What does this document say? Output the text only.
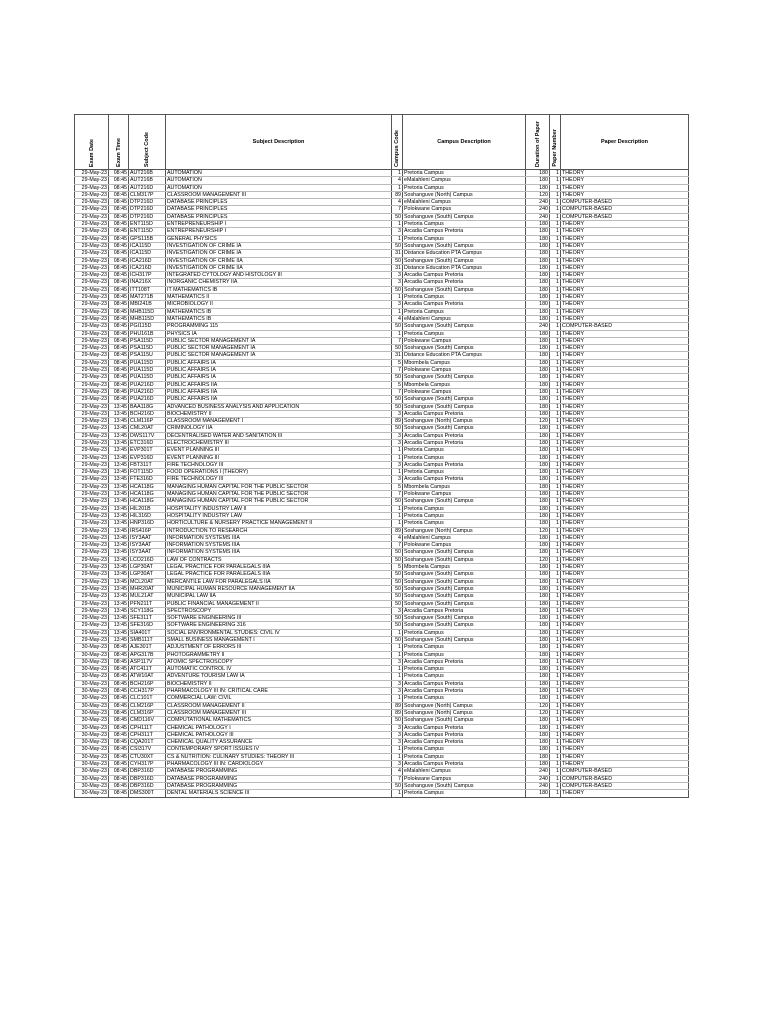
Exam Date	Exam Time	Subject Code	Subject Description	Campus Code	Campus Description	Duration of Paper	Paper Number	Paper Description
29-May-23	08:45	AUT216B	AUTOMATION	1	Pretoria Campus	180	1	THEORY
29-May-23	08:45	AUT216B	AUTOMATION	4	eMalahleni Campus	180	1	THEORY
29-May-23	08:45	AUT216D	AUTOMATION	1	Pretoria Campus	180	1	THEORY
29-May-23	08:45	CLM317P	CLASSROOM MANAGEMENT III	89	Soshanguve (North) Campus	120	1	THEORY
29-May-23	08:45	DTP216D	DATABASE PRINCIPLES	4	eMalahleni Campus	240	1	COMPUTER-BASED
29-May-23	08:45	DTP216D	DATABASE PRINCIPLES	7	Polokwane Campus	240	1	COMPUTER-BASED
29-May-23	08:45	DTP216D	DATABASE PRINCIPLES	50	Soshanguve (South) Campus	240	1	COMPUTER-BASED
29-May-23	08:45	ENT115D	ENTREPRENEURSHIP I	1	Pretoria Campus	180	1	THEORY
29-May-23	08:45	ENT115D	ENTREPRENEURSHIP I	3	Arcadia Campus Pretoria	180	1	THEORY
29-May-23	08:45	GPS115B	GENERAL PHYSICS	1	Pretoria Campus	180	1	THEORY
29-May-23	08:45	ICA115D	INVESTIGATION OF CRIME IA	50	Soshanguve (South) Campus	180	1	THEORY
29-May-23	08:45	ICA115D	INVESTIGATION OF CRIME IA	31	Distance Education PTA Campus	180	1	THEORY
29-May-23	08:45	ICA216D	INVESTIGATION OF CRIME IIA	50	Soshanguve (South) Campus	180	1	THEORY
29-May-23	08:45	ICA216D	INVESTIGATION OF CRIME IIA	31	Distance Education PTA Campus	180	1	THEORY
29-May-23	08:45	ICH317P	INTEGRATED CYTOLOGY AND HISTOLOGY III	3	Arcadia Campus Pretoria	180	1	THEORY
29-May-23	08:45	INA216X	INORGANIC CHEMISTRY IIA	3	Arcadia Campus Pretoria	180	1	THEORY
29-May-23	08:45	ITT108T	IT MATHEMATICS IB	50	Soshanguve (South) Campus	180	1	THEORY
29-May-23	08:45	MAT271B	MATHEMATICS II	1	Pretoria Campus	180	1	THEORY
29-May-23	08:45	MBI241B	MICROBIOLOGY II	3	Arcadia Campus Pretoria	180	1	THEORY
29-May-23	08:45	MHB115D	MATHEMATICS IB	1	Pretoria Campus	180	1	THEORY
29-May-23	08:45	MHB115D	MATHEMATICS IB	4	eMalahleni Campus	180	1	THEORY
29-May-23	08:45	PGI115D	PROGRAMMING 115	50	Soshanguve (South) Campus	240	1	COMPUTER-BASED
29-May-23	08:45	PHU161B	PHYSICS IA	1	Pretoria Campus	180	1	THEORY
29-May-23	08:45	PSA115D	PUBLIC SECTOR MANAGEMENT IA	7	Polokwane Campus	180	1	THEORY
29-May-23	08:45	PSA115D	PUBLIC SECTOR MANAGEMENT IA	50	Soshanguve (South) Campus	180	1	THEORY
29-May-23	08:45	PSA115U	PUBLIC SECTOR MANAGEMENT IA	31	Distance Education PTA Campus	180	1	THEORY
29-May-23	08:45	PUA115D	PUBLIC AFFAIRS IA	5	Mbombela Campus	180	1	THEORY
29-May-23	08:45	PUA115D	PUBLIC AFFAIRS IA	7	Polokwane Campus	180	1	THEORY
29-May-23	08:45	PUA115D	PUBLIC AFFAIRS IA	50	Soshanguve (South) Campus	180	1	THEORY
29-May-23	08:45	PUA216D	PUBLIC AFFAIRS IIA	5	Mbombela Campus	180	1	THEORY
29-May-23	08:45	PUA216D	PUBLIC AFFAIRS IIA	7	Polokwane Campus	180	1	THEORY
29-May-23	08:45	PUA216D	PUBLIC AFFAIRS IIA	50	Soshanguve (South) Campus	180	1	THEORY
29-May-23	13:45	BAA118G	ADVANCED BUSINESS ANALYSIS AND APPLICATION	50	Soshanguve (South) Campus	180	1	THEORY
29-May-23	13:45	BCH216D	BIOCHEMISTRY II	3	Arcadia Campus Pretoria	180	1	THEORY
29-May-23	13:45	CLM116P	CLASSROOM MANAGEMENT I	89	Soshanguve (North) Campus	120	1	THEORY
29-May-23	13:45	CML20AT	CRIMINOLOGY IIA	50	Soshanguve (South) Campus	180	1	THEORY
29-May-23	13:45	DWS117V	DECENTRALISED WATER AND SANITATION III	3	Arcadia Campus Pretoria	180	1	THEORY
29-May-23	13:45	ETC316D	ELECTROCHEMISTRY III	3	Arcadia Campus Pretoria	180	1	THEORY
29-May-23	13:45	EVP301T	EVENT PLANNING III	1	Pretoria Campus	180	1	THEORY
29-May-23	13:45	EVP316D	EVENT PLANNING III	1	Pretoria Campus	180	1	THEORY
29-May-23	13:45	FBT311T	FIRE TECHNOLOGY III	3	Arcadia Campus Pretoria	180	1	THEORY
29-May-23	13:45	FOT115D	FOOD OPERATIONS I (THEORY)	1	Pretoria Campus	180	1	THEORY
29-May-23	13:45	FTE316D	FIRE TECHNOLOGY III	3	Arcadia Campus Pretoria	180	1	THEORY
29-May-23	13:45	HCA118G	MANAGING HUMAN CAPITAL FOR THE PUBLIC SECTOR	5	Mbombela Campus	180	1	THEORY
29-May-23	13:45	HCA118G	MANAGING HUMAN CAPITAL FOR THE PUBLIC SECTOR	7	Polokwane Campus	180	1	THEORY
29-May-23	13:45	HCA118G	MANAGING HUMAN CAPITAL FOR THE PUBLIC SECTOR	50	Soshanguve (South) Campus	180	1	THEORY
29-May-23	13:45	HIL201B	HOSPITALITY INDUSTRY LAW II	1	Pretoria Campus	180	1	THEORY
29-May-23	13:45	HIL316D	HOSPITALITY INDUSTRY LAW	1	Pretoria Campus	180	1	THEORY
29-May-23	13:45	HNP316D	HORTICULTURE & NURSERY PRACTICE MANAGEMENT II	1	Pretoria Campus	180	1	THEORY
29-May-23	13:45	IRS416P	INTRODUCTION TO RESEARCH	89	Soshanguve (North) Campus	120	1	THEORY
29-May-23	13:45	ISY3AAT	INFORMATION SYSTEMS IIIA	4	eMalahleni Campus	180	1	THEORY
29-May-23	13:45	ISY3AAT	INFORMATION SYSTEMS IIIA	7	Polokwane Campus	180	1	THEORY
29-May-23	13:45	ISY3AAT	INFORMATION SYSTEMS IIIA	50	Soshanguve (South) Campus	180	1	THEORY
29-May-23	13:45	LCO216D	LAW OF CONTRACTS	50	Soshanguve (South) Campus	120	1	THEORY
29-May-23	13:45	LGP30AT	LEGAL PRACTICE FOR PARALEGALS IIIA	5	Mbombela Campus	180	1	THEORY
29-May-23	13:45	LGP30AT	LEGAL PRACTICE FOR PARALEGALS IIIA	50	Soshanguve (South) Campus	180	1	THEORY
29-May-23	13:45	MCL20AT	MERCANTILE LAW FOR PARALEGALS IIA	50	Soshanguve (South) Campus	180	1	THEORY
29-May-23	13:45	MHR20AT	MUNICIPAL HUMAN RESOURCE MANAGEMENT IIA	50	Soshanguve (South) Campus	180	1	THEORY
29-May-23	13:45	MUL21AT	MUNICIPAL LAW IIA	50	Soshanguve (South) Campus	180	1	THEORY
29-May-23	13:45	PFN211T	PUBLIC FINANCIAL MANAGEMENT II	50	Soshanguve (South) Campus	180	1	THEORY
29-May-23	13:45	SCY118G	SPECTROSCOPY	3	Arcadia Campus Pretoria	180	1	THEORY
29-May-23	13:45	SFE311T	SOFTWARE ENGINEERING III	50	Soshanguve (South) Campus	180	1	THEORY
29-May-23	13:45	SFE316D	SOFTWARE ENGINEERING 316	50	Soshanguve (South) Campus	180	1	THEORY
29-May-23	13:45	SIA401T	SOCIAL ENVIRONMENTAL STUDIES: CIVIL IV	1	Pretoria Campus	180	1	THEORY
29-May-23	13:45	SMB111T	SMALL BUSINESS MANAGEMENT I	50	Soshanguve (South) Campus	180	1	THEORY
30-May-23	08:45	AJE301T	ADJUSTMENT OF ERRORS III	1	Pretoria Campus	180	1	THEORY
30-May-23	08:45	APG317B	PHOTOGRAMMETRY II	1	Pretoria Campus	180	1	THEORY
30-May-23	08:45	ASP117V	ATOMIC SPECTROSCOPY	3	Arcadia Campus Pretoria	180	1	THEORY
30-May-23	08:45	ATC411T	AUTOMATIC CONTROL IV	1	Pretoria Campus	180	1	THEORY
30-May-23	08:45	ATW10AT	ADVENTURE TOURISM LAW IA	1	Pretoria Campus	180	1	THEORY
30-May-23	08:45	BCH216P	BIOCHEMISTRY II	3	Arcadia Campus Pretoria	180	1	THEORY
30-May-23	08:45	CCH317P	PHARMACOLOGY III IN: CRITICAL CARE	3	Arcadia Campus Pretoria	180	1	THEORY
30-May-23	08:45	CLC101T	COMMERCIAL LAW: CIVIL	1	Pretoria Campus	180	1	THEORY
30-May-23	08:45	CLM216P	CLASSROOM MANAGEMENT II	89	Soshanguve (North) Campus	120	1	THEORY
30-May-23	08:45	CLM316P	CLASSROOM MANAGEMENT III	89	Soshanguve (North) Campus	120	1	THEORY
30-May-23	08:45	CMD116V	COMPUTATIONAL MATHEMATICS	50	Soshanguve (South) Campus	180	1	THEORY
30-May-23	08:45	CPH111T	CHEMICAL PATHOLOGY I	3	Arcadia Campus Pretoria	180	1	THEORY
30-May-23	08:45	CPH311T	CHEMICAL PATHOLOGY III	3	Arcadia Campus Pretoria	180	1	THEORY
30-May-23	08:45	CQA201T	CHEMICAL QUALITY ASSURANCE	3	Arcadia Campus Pretoria	180	1	THEORY
30-May-23	08:45	CSI317V	CONTEMPORARY SPORT ISSUES IV	1	Pretoria Campus	180	1	THEORY
30-May-23	08:45	CTU30XT	CS & NUTRITION: CULINARY STUDIES: THEORY III	1	Pretoria Campus	180	1	THEORY
30-May-23	08:45	CYH317P	PHARMACOLOGY III IN: CARDIOLOGY	3	Arcadia Campus Pretoria	180	1	THEORY
30-May-23	08:45	DBP316D	DATABASE PROGRAMMING	4	eMalahleni Campus	240	1	COMPUTER-BASED
30-May-23	08:45	DBP316D	DATABASE PROGRAMMING	7	Polokwane Campus	240	1	COMPUTER-BASED
30-May-23	08:45	DBP316D	DATABASE PROGRAMMING	50	Soshanguve (South) Campus	240	1	COMPUTER-BASED
30-May-23	08:45	DMS300T	DENTAL MATERIALS SCIENCE III	1	Pretoria Campus	180	1	THEORY
